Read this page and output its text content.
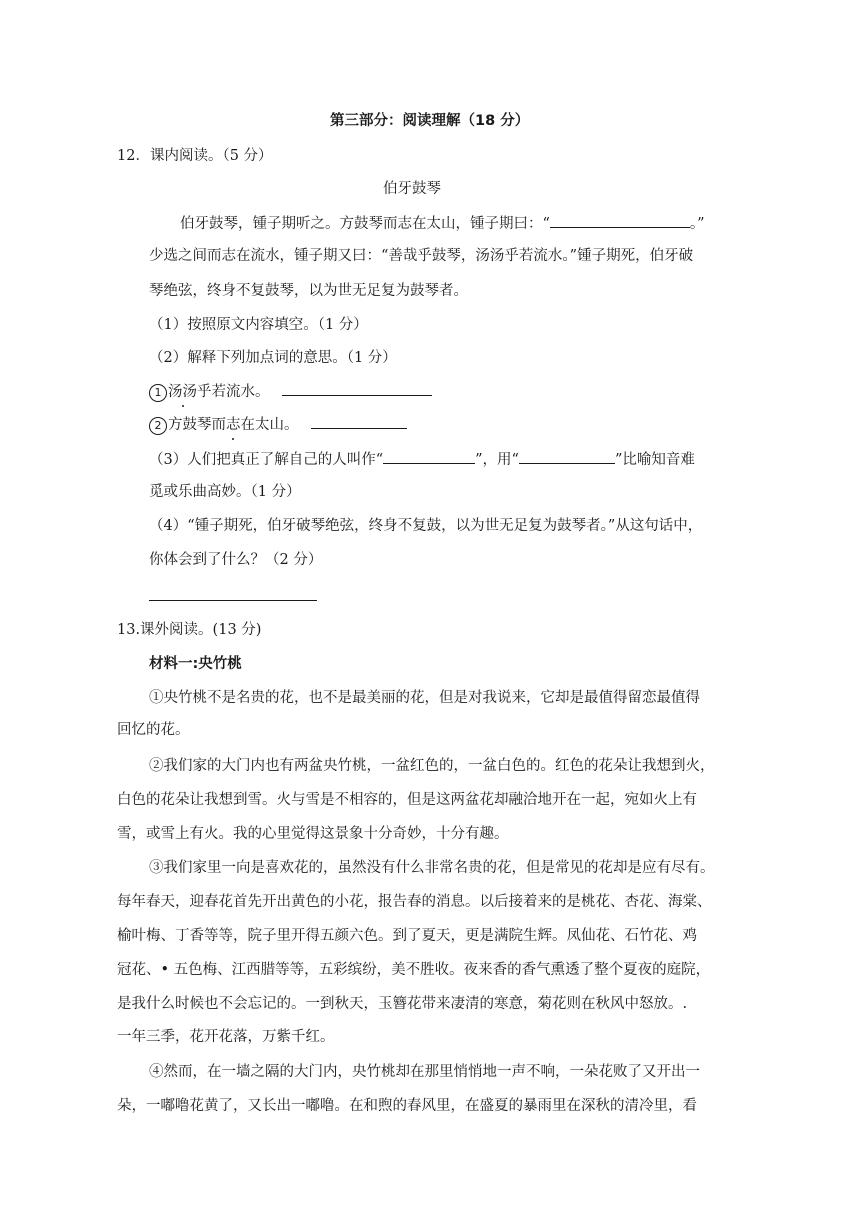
第三部分：阅读理解（18 分）
12．课内阅读。（5 分）
伯牙鼓琴
伯牙鼓琴，锺子期听之。方鼓琴而志在太山，锺子期曰：“	。”
少选之间而志在流水，锺子期又曰：“善哉乎鼓琴，汤汤乎若流水。”锺子期死，伯牙破
琴绝弦，终身不复鼓琴，以为世无足复为鼓琴者。
（1）按照原文内容填空。（1 分）
（2）解释下列加点词的意思。（1 分）
1 汤汤乎若流水。
2 方鼓琴而志在太山。
（3）人们把真正了解自己的人叫作“	”，用“	”比喻知音难
觅或乐曲高妙。（1 分）
（4）“锺子期死，伯牙破琴绝弦，终身不复鼓，以为世无足复为鼓琴者。”从这句话中，
你体会到了什么？（2 分）
13.课外阅读。(13 分)
材料一:央竹桃
①央竹桃不是名贵的花，也不是最美丽的花，但是对我说来，它却是最值得留恋最值得
回忆的花。
②我们家的大门内也有两盆央竹桃，一盆红色的，一盆白色的。红色的花朵让我想到火，
白色的花朵让我想到雪。火与雪是不相容的，但是这两盆花却融洽地开在一起，宛如火上有
雪，或雪上有火。我的心里觉得这景象十分奇妙，十分有趣。
③我们家里一向是喜欢花的，虽然没有什么非常名贵的花，但是常见的花却是应有尽有。
每年春天，迎春花首先开出黄色的小花，报告春的消息。以后接着来的是桃花、杏花、海棠、
榆叶梅、丁香等等，院子里开得五颜六色。到了夏天，更是满院生辉。凤仙花、石竹花、鸡
冠花、• 五色梅、江西腊等等，五彩缤纷，美不胜收。夜来香的香气熏透了整个夏夜的庭院，
是我什么时候也不会忘记的。一到秋天，玉簪花带来凄清的寒意，菊花则在秋风中怒放。.
一年三季，花开花落，万紫千红。
④然而，在一墙之隔的大门内，央竹桃却在那里悄悄地一声不响，一朵花败了又开出一
朵，一嘟噜花黄了，又长出一嘟噜。在和煦的春风里，在盛夏的暴雨里在深秋的清冷里，看
